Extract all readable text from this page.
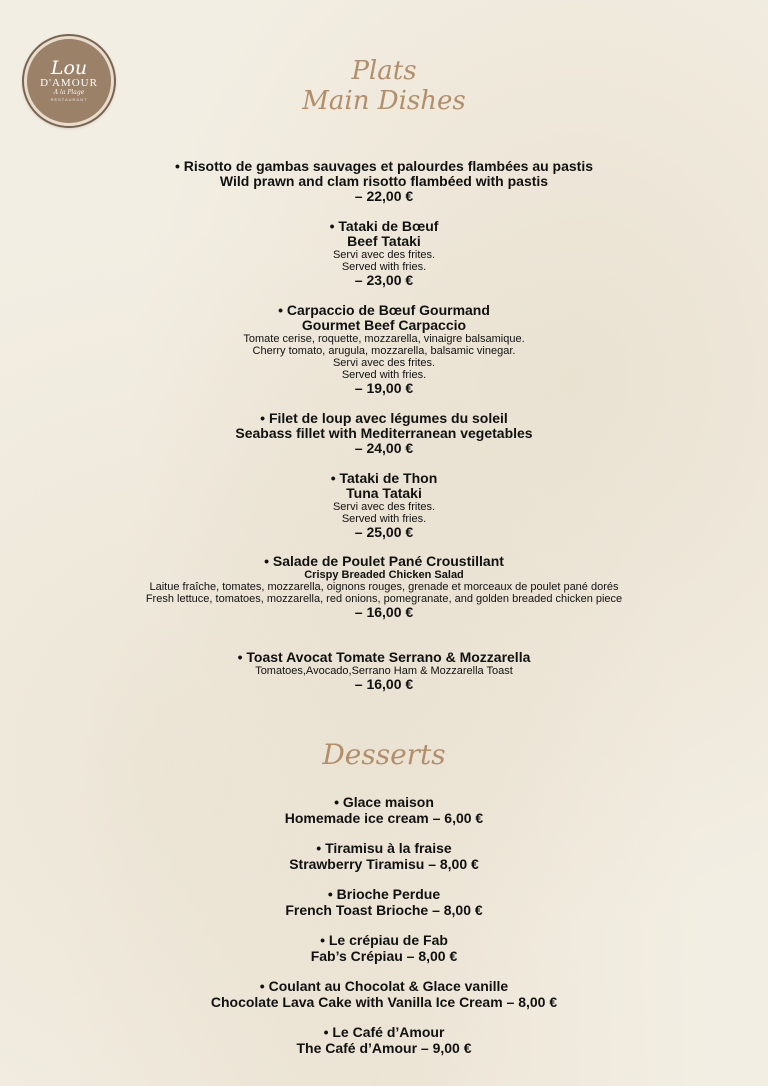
Lou
D'AMOUR
A la Plage
RESTAURANT
Plats
Main Dishes
• Risotto de gambas sauvages et palourdes flambées au pastis
Wild prawn and clam risotto flambéed with pastis
– 22,00 €
• Tataki de Bœuf
Beef Tataki
Servi avec des frites.
Served with fries.
– 23,00 €
• Carpaccio de Bœuf Gourmand
Gourmet Beef Carpaccio
Tomate cerise, roquette, mozzarella, vinaigre balsamique.
Cherry tomato, arugula, mozzarella, balsamic vinegar.
Servi avec des frites.
Served with fries.
– 19,00 €
• Filet de loup avec légumes du soleil
Seabass fillet with Mediterranean vegetables
– 24,00 €
• Tataki de Thon
Tuna Tataki
Servi avec des frites.
Served with fries.
– 25,00 €
• Salade de Poulet Pané Croustillant
Crispy Breaded Chicken Salad
Laitue fraîche, tomates, mozzarella, oignons rouges, grenade et morceaux de poulet pané dorés
Fresh lettuce, tomatoes, mozzarella, red onions, pomegranate, and golden breaded chicken piece
– 16,00 €
• Toast Avocat Tomate Serrano & Mozzarella
Tomatoes,Avocado,Serrano Ham & Mozzarella Toast
– 16,00 €
Desserts
• Glace maison
Homemade ice cream – 6,00 €
• Tiramisu à la fraise
Strawberry Tiramisu – 8,00 €
• Brioche Perdue
French Toast Brioche – 8,00 €
• Le crépiau de Fab
Fab’s Crépiau – 8,00 €
• Coulant au Chocolat & Glace vanille
Chocolate Lava Cake with Vanilla Ice Cream – 8,00 €
• Le Café d’Amour
The Café d’Amour – 9,00 €
